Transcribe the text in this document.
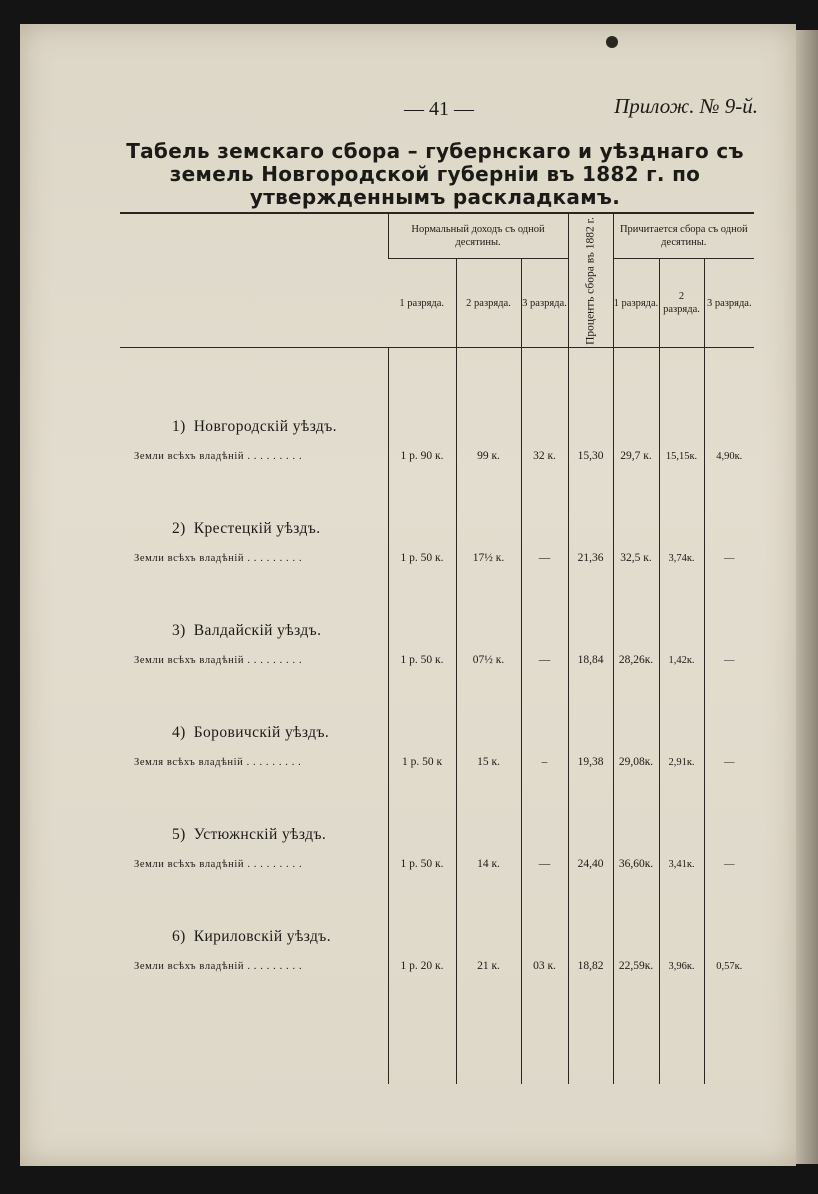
— 41 —	Прилож. № 9-й.
Табель земскаго сбора – губернскаго и уѣзднаго съ земель Новгородской губерніи въ 1882 г. по утвержденнымъ раскладкамъ.

	Нормальный доходъ съ одной десятины.			Процентъ сбора въ 1882 г.	Причитается сбора съ одной десятины.		

	1 разряда.	2 разряда.	3 разряда.		1 разряда.	2 разряда.	3 разряда.

1) Новгородскій уѣздъ.							
Земли всѣхъ владѣній . . . . . . . . .	1 р. 90 к.	99 к.	32 к.	15,30	29,7 к.	15,15к.	4,90к.

2) Крестецкій уѣздъ.							
Земли всѣхъ владѣній . . . . . . . . .	1 р. 50 к.	17½ к.	—	21,36	32,5 к.	3,74к.	—

3) Валдайскій уѣздъ.							
Земли всѣхъ владѣній . . . . . . . . .	1 р. 50 к.	07½ к.	—	18,84	28,26к.	1,42к.	—

4) Боровичскій уѣздъ.							
Земля всѣхъ владѣній . . . . . . . . .	1 р. 50 к	15 к.	–	19,38	29,08к.	2,91к.	—

5) Устюжнскій уѣздъ.							
Земли всѣхъ владѣній . . . . . . . . .	1 р. 50 к.	14 к.	—	24,40	36,60к.	3,41к.	—

6) Кириловскій уѣздъ.							
Земли всѣхъ владѣній . . . . . . . . .	1 р. 20 к.	21 к.	03 к.	18,82	22,59к.	3,96к.	0,57к.
